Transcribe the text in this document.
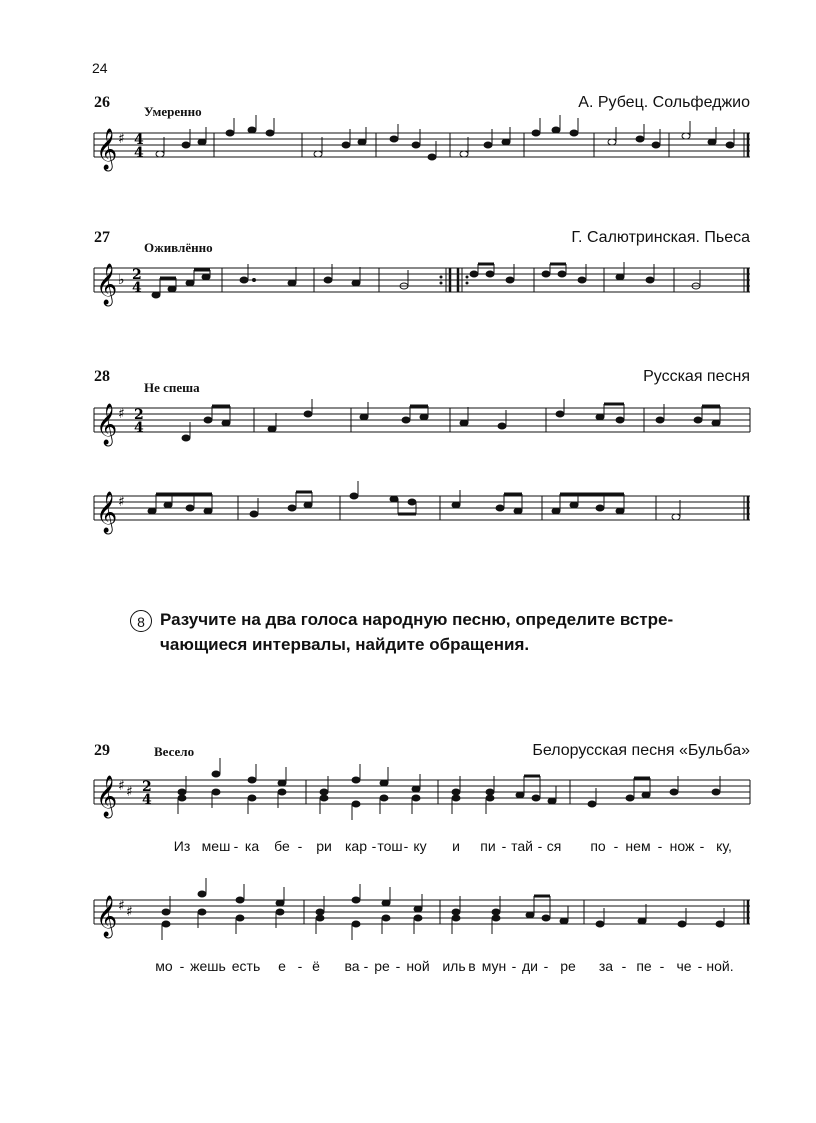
24
26
Умеренно
А. Рубец. Сольфеджио
𝄞 ♯ 4
4
27
Оживлённо
Г. Салютринская. Пьеса
𝄞 ♭ 2
4
28
Не спеша
Русская песня
𝄞 ♯ 2
4
𝄞 ♯
8 Разучите на два голоса народную песню, определите встре-
чающиеся интервалы, найдите обращения.
29	Весело	Белорусская песня «Бульба»
𝄞 ♯ ♯ 2
4
Из меш - ка бе - ри кар - тош - ку и пи - тай - ся по - нем - нож - ку,
𝄞 ♯ ♯
мо - жешь есть е - ё ва - ре - ной иль в мун - ди - ре за - пе - че - ной.
